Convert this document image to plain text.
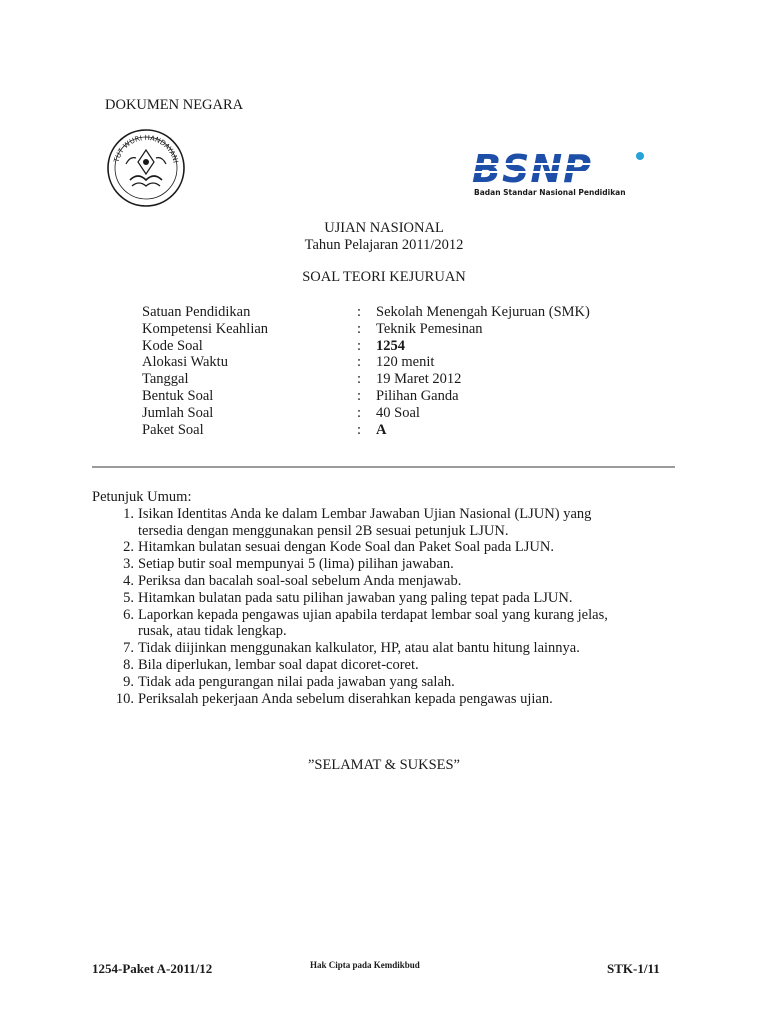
DOKUMEN NEGARA
TUT WURI HANDAYANI	BSNP
Badan Standar Nasional Pendidikan
UJIAN NASIONAL
Tahun Pelajaran 2011/2012
SOAL TEORI KEJURUAN
Satuan Pendidikan	:	Sekolah Menengah Kejuruan (SMK)
Kompetensi Keahlian	:	Teknik Pemesinan
Kode Soal	:	1254
Alokasi Waktu	:	120 menit
Tanggal	:	19 Maret 2012
Bentuk Soal	:	Pilihan Ganda
Jumlah Soal	:	40 Soal
Paket Soal	:	A
Petunjuk Umum:
1. Isikan Identitas Anda ke dalam Lembar Jawaban Ujian Nasional (LJUN) yang
tersedia dengan menggunakan pensil 2B sesuai petunjuk LJUN.
2. Hitamkan bulatan sesuai dengan Kode Soal dan Paket Soal pada LJUN.
3. Setiap butir soal mempunyai 5 (lima) pilihan jawaban.
4. Periksa dan bacalah soal-soal sebelum Anda menjawab.
5. Hitamkan bulatan pada satu pilihan jawaban yang paling tepat pada LJUN.
6. Laporkan kepada pengawas ujian apabila terdapat lembar soal yang kurang jelas,
rusak, atau tidak lengkap.
7. Tidak diijinkan menggunakan kalkulator, HP, atau alat bantu hitung lainnya.
8. Bila diperlukan, lembar soal dapat dicoret-coret.
9. Tidak ada pengurangan nilai pada jawaban yang salah.
10. Periksalah pekerjaan Anda sebelum diserahkan kepada pengawas ujian.
”SELAMAT & SUKSES”
1254-Paket A-2011/12	Hak Cipta pada Kemdikbud	STK-1/11
